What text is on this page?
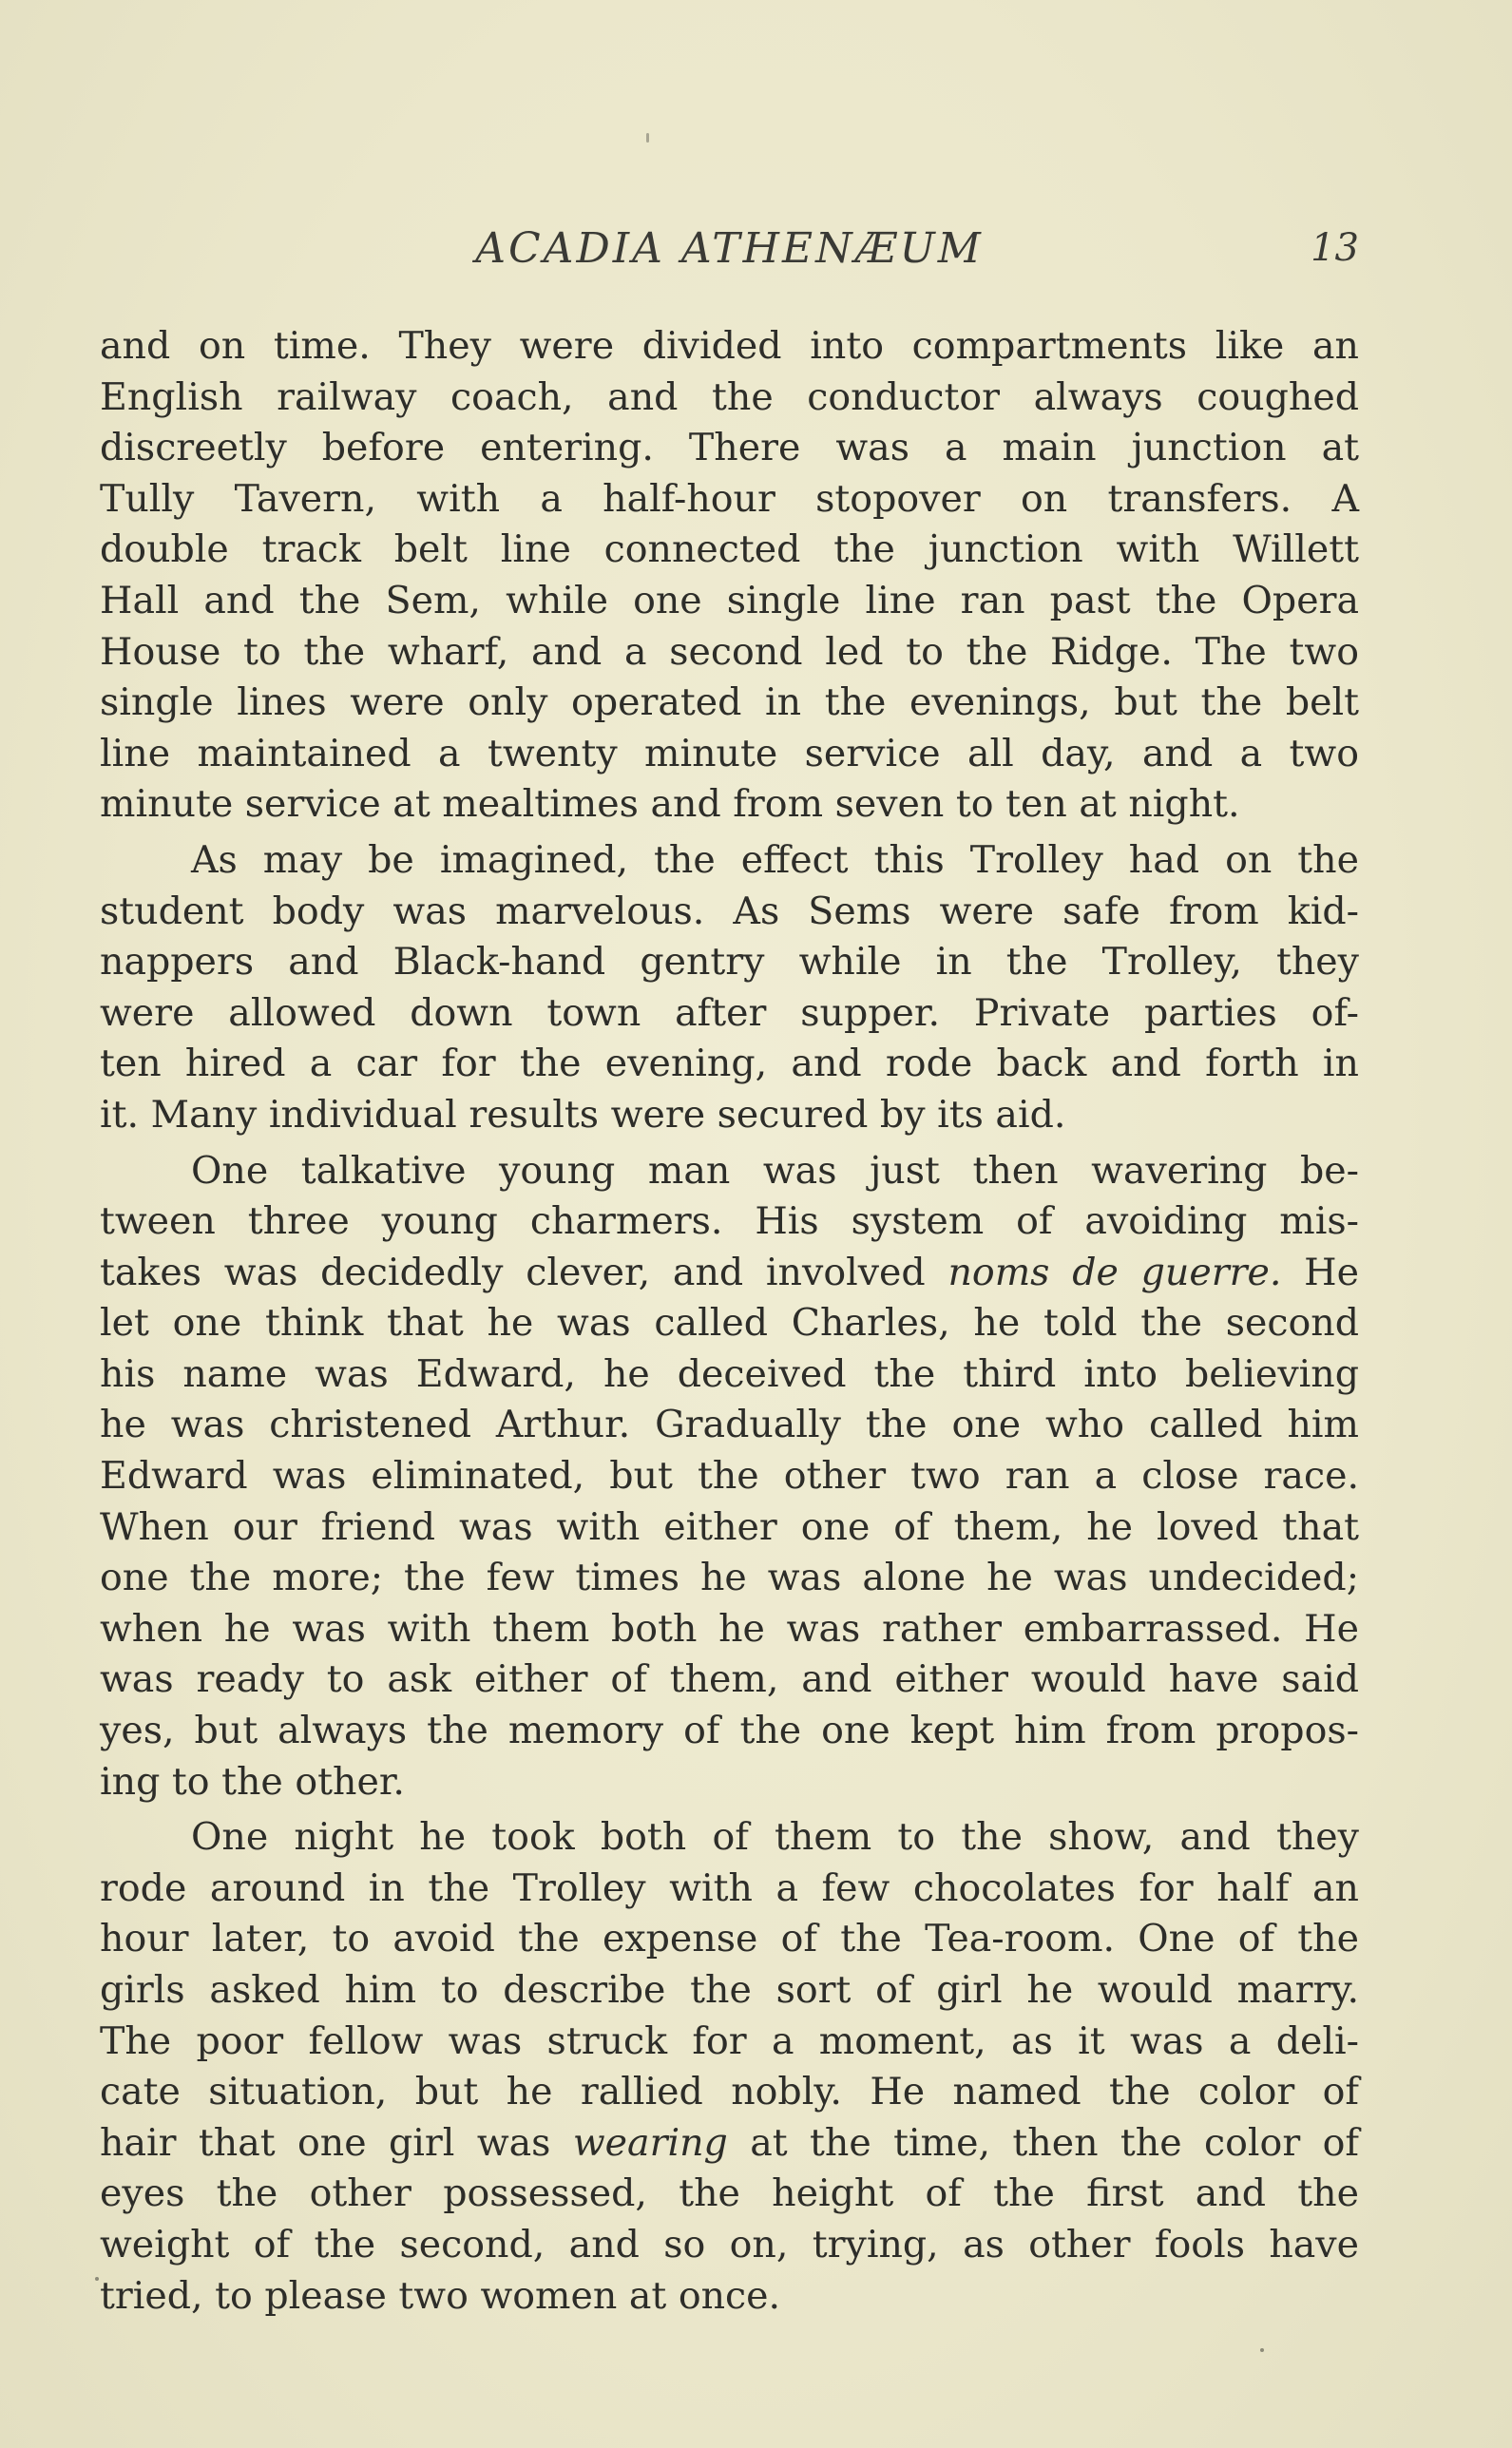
ACADIA ATHENÆUM	13

and on time. They were divided into compartments like an
English railway coach, and the conductor always coughed
discreetly before entering. There was a main junction at
Tully Tavern, with a half-hour stopover on transfers. A
double track belt line connected the junction with Willett
Hall and the Sem, while one single line ran past the Opera
House to the wharf, and a second led to the Ridge. The two
single lines were only operated in the evenings, but the belt
line maintained a twenty minute service all day, and a two
minute service at mealtimes and from seven to ten at night.

As may be imagined, the effect this Trolley had on the
student body was marvelous. As Sems were safe from kid-
nappers and Black-hand gentry while in the Trolley, they
were allowed down town after supper. Private parties of-
ten hired a car for the evening, and rode back and forth in
it. Many individual results were secured by its aid.

One talkative young man was just then wavering be-
tween three young charmers. His system of avoiding mis-
takes was decidedly clever, and involved noms de guerre. He
let one think that he was called Charles, he told the second
his name was Edward, he deceived the third into believing
he was christened Arthur. Gradually the one who called him
Edward was eliminated, but the other two ran a close race.
When our friend was with either one of them, he loved that
one the more; the few times he was alone he was undecided;
when he was with them both he was rather embarrassed. He
was ready to ask either of them, and either would have said
yes, but always the memory of the one kept him from propos-
ing to the other.

One night he took both of them to the show, and they
rode around in the Trolley with a few chocolates for half an
hour later, to avoid the expense of the Tea-room. One of the
girls asked him to describe the sort of girl he would marry.
The poor fellow was struck for a moment, as it was a deli-
cate situation, but he rallied nobly. He named the color of
hair that one girl was wearing at the time, then the color of
eyes the other possessed, the height of the first and the
weight of the second, and so on, trying, as other fools have
tried, to please two women at once.
